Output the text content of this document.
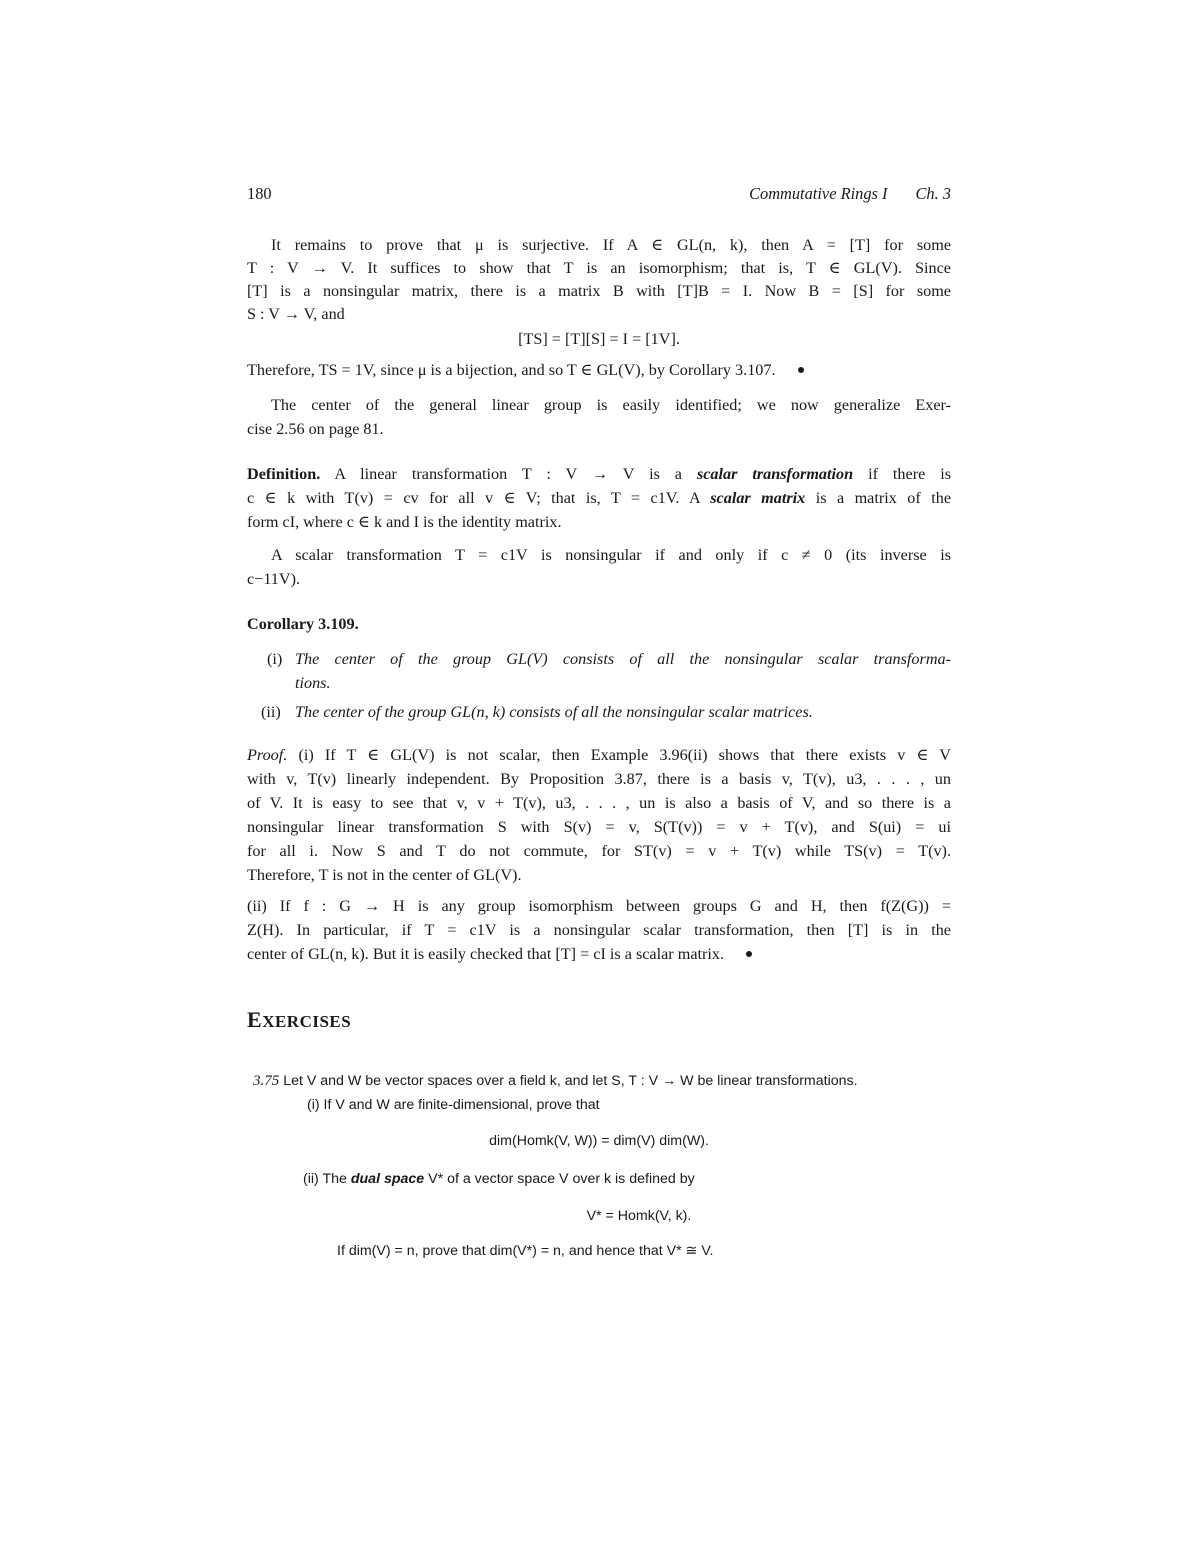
180	Commutative Rings I Ch. 3
It remains to prove that μ is surjective. If A ∈ GL(n, k), then A = [T] for some
T : V → V. It suffices to show that T is an isomorphism; that is, T ∈ GL(V). Since
[T] is a nonsingular matrix, there is a matrix B with [T]B = I. Now B = [S] for some
S : V → V, and
[TS] = [T][S] = I = [1V].
Therefore, TS = 1V, since μ is a bijection, and so T ∈ GL(V), by Corollary 3.107.
The center of the general linear group is easily identified; we now generalize Exer-
cise 2.56 on page 81.
Definition. A linear transformation T : V → V is a scalar transformation if there is
c ∈ k with T(v) = cv for all v ∈ V; that is, T = c1V. A scalar matrix is a matrix of the
form cI, where c ∈ k and I is the identity matrix.
A scalar transformation T = c1V is nonsingular if and only if c ≠ 0 (its inverse is
c−11V).
Corollary 3.109.
(i) The center of the group GL(V) consists of all the nonsingular scalar transforma-
tions.
(ii) The center of the group GL(n, k) consists of all the nonsingular scalar matrices.
Proof. (i) If T ∈ GL(V) is not scalar, then Example 3.96(ii) shows that there exists v ∈ V
with v, T(v) linearly independent. By Proposition 3.87, there is a basis v, T(v), u3, . . . , un
of V. It is easy to see that v, v + T(v), u3, . . . , un is also a basis of V, and so there is a
nonsingular linear transformation S with S(v) = v, S(T(v)) = v + T(v), and S(ui) = ui
for all i. Now S and T do not commute, for ST(v) = v + T(v) while TS(v) = T(v).
Therefore, T is not in the center of GL(V).
(ii) If f : G → H is any group isomorphism between groups G and H, then f(Z(G)) =
Z(H). In particular, if T = c1V is a nonsingular scalar transformation, then [T] is in the
center of GL(n, k). But it is easily checked that [T] = cI is a scalar matrix.
EXERCISES
3.75 Let V and W be vector spaces over a field k, and let S, T : V → W be linear transformations.
(i) If V and W are finite-dimensional, prove that
dim(Homk(V, W)) = dim(V) dim(W).
(ii) The dual space V* of a vector space V over k is defined by
V* = Homk(V, k).
If dim(V) = n, prove that dim(V*) = n, and hence that V* ≅ V.
